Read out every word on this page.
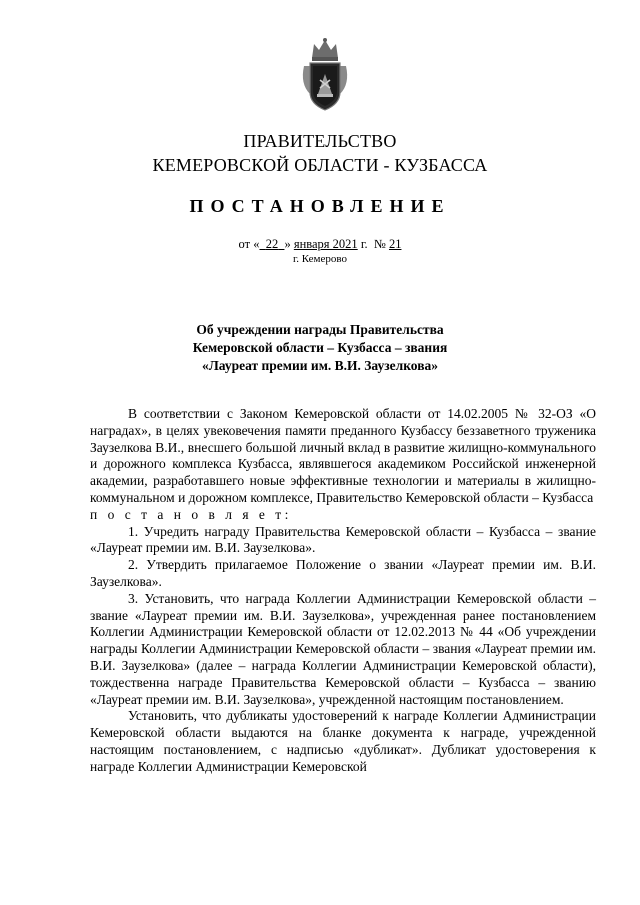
ПРАВИТЕЛЬСТВО
КЕМЕРОВСКОЙ ОБЛАСТИ - КУЗБАССА
ПОСТАНОВЛЕНИЕ
от « 22 » января 2021 г. № 21
г. Кемерово
Об учреждении награды Правительства
Кемеровской области – Кузбасса – звания
«Лауреат премии им. В.И. Заузелкова»

В соответствии с Законом Кемеровской области от 14.02.2005 № 32-ОЗ «О наградах», в целях увековечения памяти преданного Кузбассу беззаветного труженика Заузелкова В.И., внесшего большой личный вклад в развитие жилищно-коммунального и дорожного комплекса Кузбасса, являвшегося академиком Российской инженерной академии, разработавшего новые эффективные технологии и материалы в жилищно-коммунальном и дорожном комплексе, Правительство Кемеровской области – Кузбасса

п о с т а н о в л я е т:

1. Учредить награду Правительства Кемеровской области – Кузбасса – звание «Лауреат премии им. В.И. Заузелкова».

2. Утвердить прилагаемое Положение о звании «Лауреат премии им. В.И. Заузелкова».

3. Установить, что награда Коллегии Администрации Кемеровской области – звание «Лауреат премии им. В.И. Заузелкова», учрежденная ранее постановлением Коллегии Администрации Кемеровской области от 12.02.2013 № 44 «Об учреждении награды Коллегии Администрации Кемеровской области – звания «Лауреат премии им. В.И. Заузелкова» (далее – награда Коллегии Администрации Кемеровской области), тождественна награде Правительства Кемеровской области – Кузбасса – званию «Лауреат премии им. В.И. Заузелкова», учрежденной настоящим постановлением.

Установить, что дубликаты удостоверений к награде Коллегии Администрации Кемеровской области выдаются на бланке документа к награде, учрежденной настоящим постановлением, с надписью «дубликат». Дубликат удостоверения к награде Коллегии Администрации Кемеровской
